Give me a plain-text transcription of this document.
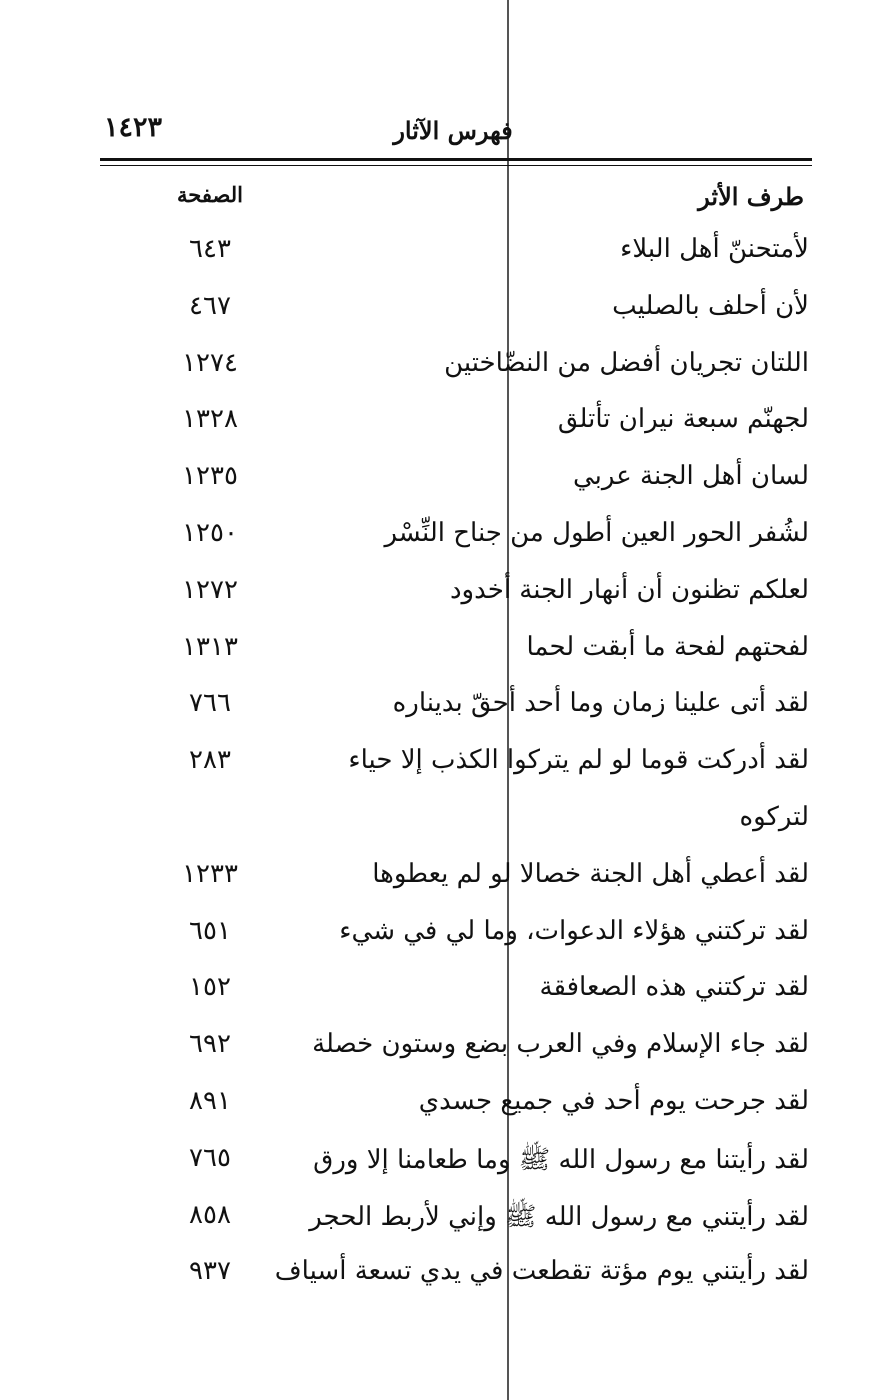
١٤٢٣	فهرس الآثار
طرف الأثر
الصفحة
لأمتحننّ أهل البلاء
٦٤٣
لأن أحلف بالصليب
٤٦٧
اللتان تجريان أفضل من النضّاختين
١٢٧٤
لجهنّم سبعة نيران تأتلق
١٣٢٨
لسان أهل الجنة عربي
١٢٣٥
لشُفر الحور العين أطول من جناح النِّسْر
١٢٥٠
لعلكم تظنون أن أنهار الجنة أخدود
١٢٧٢
لفحتهم لفحة ما أبقت لحما
١٣١٣
لقد أتى علينا زمان وما أحد أحقّ بديناره
٧٦٦
لقد أدركت قوما لو لم يتركوا الكذب إلا حياء
٢٨٣
لتركوه
لقد أعطي أهل الجنة خصالا لو لم يعطوها
١٢٣٣
لقد تركتني هؤلاء الدعوات، وما لي في شيء
٦٥١
لقد تركتني هذه الصعافقة
١٥٢
لقد جاء الإسلام وفي العرب بضع وستون خصلة
٦٩٢
لقد جرحت يوم أحد في جميع جسدي
٨٩١
لقد رأيتنا مع رسول الله ﷺ وما طعامنا إلا ورق
٧٦٥
لقد رأيتني مع رسول الله ﷺ وإني لأربط الحجر
٨٥٨
لقد رأيتني يوم مؤتة تقطعت في يدي تسعة أسياف
٩٣٧
